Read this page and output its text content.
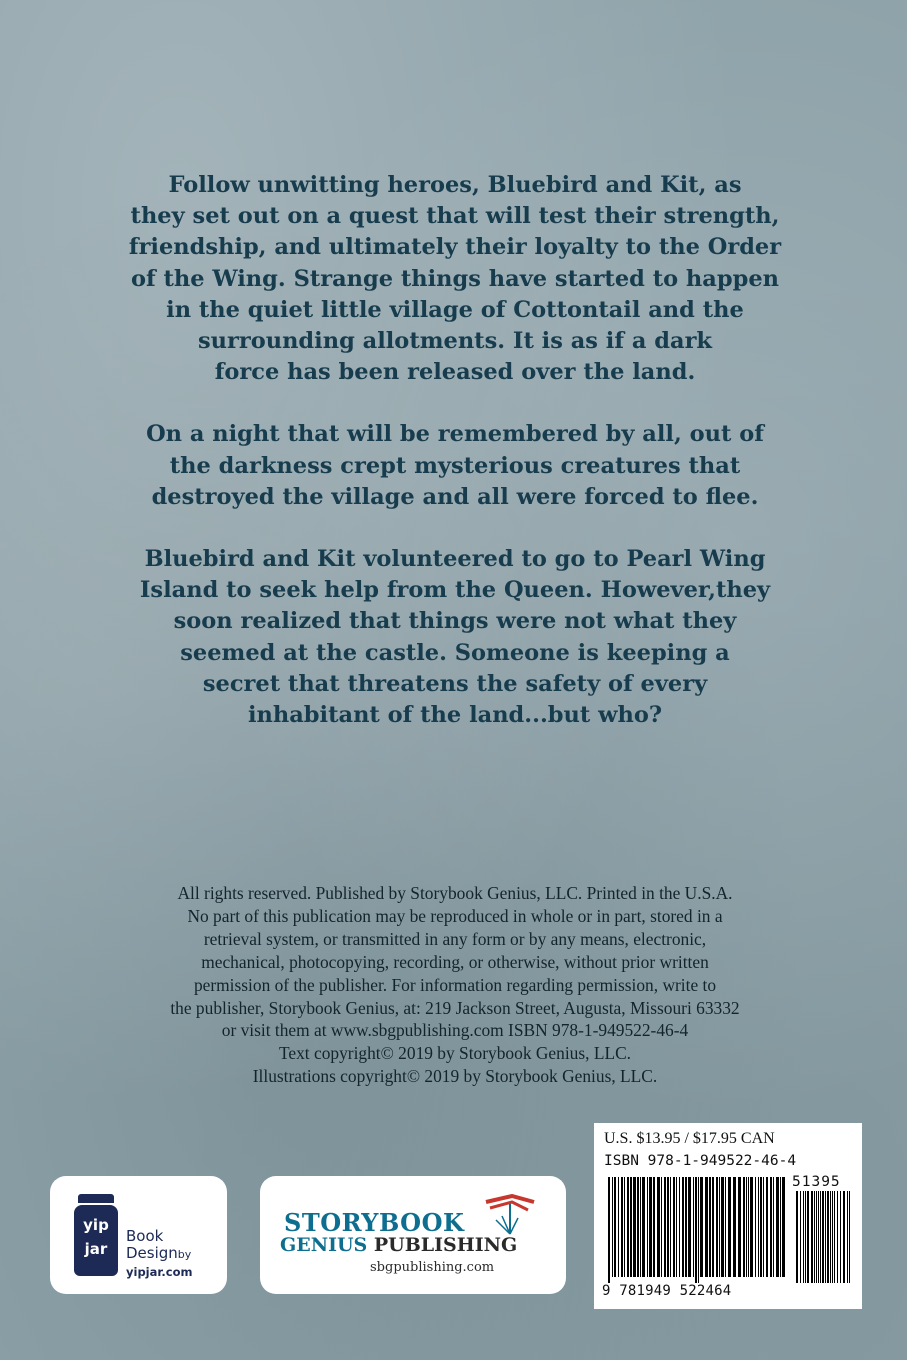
Follow unwitting heroes, Bluebird and Kit, as
they set out on a quest that will test their strength,
friendship, and ultimately their loyalty to the Order
of the Wing. Strange things have started to happen
in the quiet little village of Cottontail and the
surrounding allotments. It is as if a dark
force has been released over the land.

On a night that will be remembered by all, out of
the darkness crept mysterious creatures that
destroyed the village and all were forced to flee.

Bluebird and Kit volunteered to go to Pearl Wing
Island to seek help from the Queen. However,they
soon realized that things were not what they
seemed at the castle. Someone is keeping a
secret that threatens the safety of every
inhabitant of the land...but who?

All rights reserved. Published by Storybook Genius, LLC. Printed in the U.S.A.
No part of this publication may be reproduced in whole or in part, stored in a
retrieval system, or transmitted in any form or by any means, electronic,
mechanical, photocopying, recording, or otherwise, without prior written
permission of the publisher. For information regarding permission, write to
the publisher, Storybook Genius, at: 219 Jackson Street, Augusta, Missouri 63332
or visit them at www.sbgpublishing.com ISBN 978-1-949522-46-4
Text copyright© 2019 by Storybook Genius, LLC.
Illustrations copyright© 2019 by Storybook Genius, LLC.
yip
jar
Book
Designby
yipjar.com
STORYBOOK
GENIUS PUBLISHING
sbgpublishing.com
U.S. $13.95 / $17.95 CAN
ISBN 978-1-949522-46-4
51395
9 781949 522464
